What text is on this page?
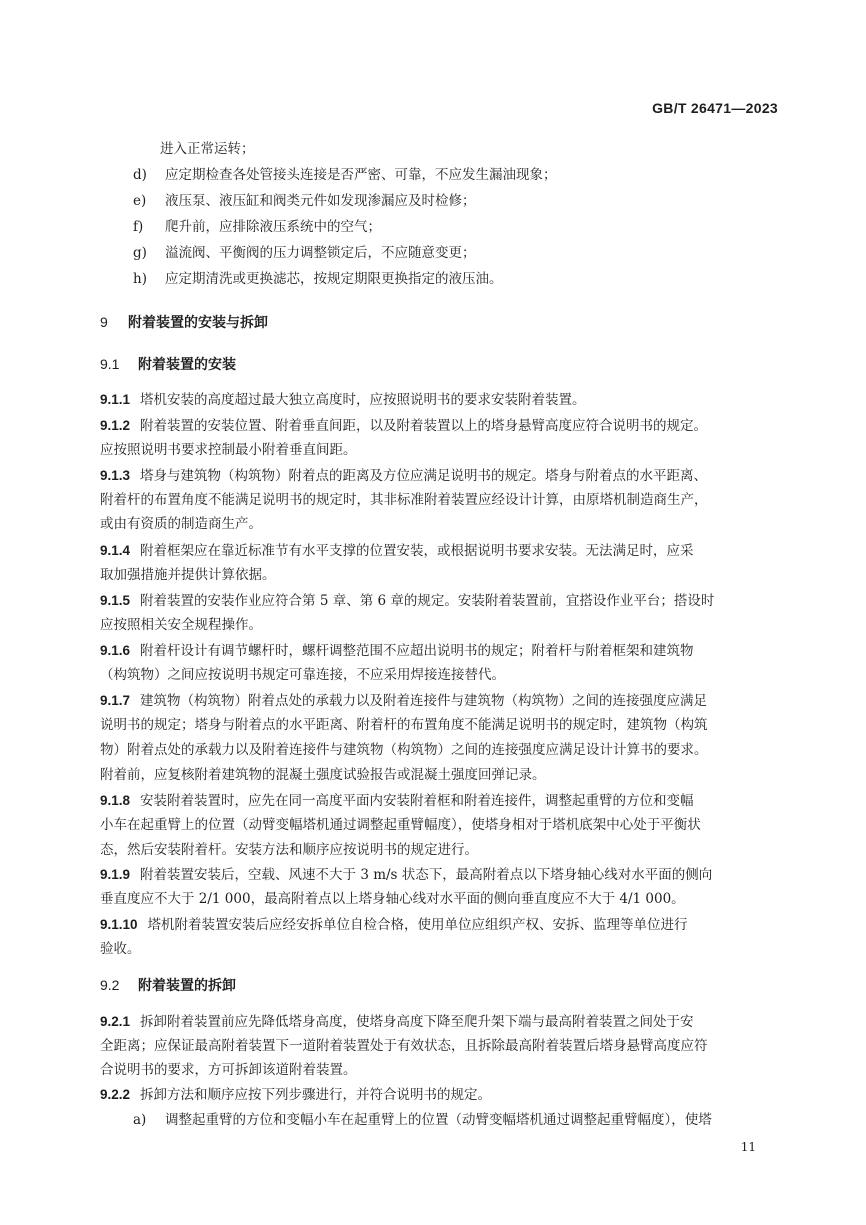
GB/T 26471—2023
进入正常运转；
d) 应定期检查各处管接头连接是否严密、可靠，不应发生漏油现象；
e) 液压泵、液压缸和阀类元件如发现渗漏应及时检修；
f) 爬升前，应排除液压系统中的空气；
g) 溢流阀、平衡阀的压力调整锁定后，不应随意变更；
h) 应定期清洗或更换滤芯，按规定期限更换指定的液压油。
9 附着装置的安装与拆卸
9.1 附着装置的安装
9.1.1 塔机安装的高度超过最大独立高度时，应按照说明书的要求安装附着装置。
9.1.2 附着装置的安装位置、附着垂直间距，以及附着装置以上的塔身悬臂高度应符合说明书的规定。
应按照说明书要求控制最小附着垂直间距。
9.1.3 塔身与建筑物（构筑物）附着点的距离及方位应满足说明书的规定。塔身与附着点的水平距离、
附着杆的布置角度不能满足说明书的规定时，其非标准附着装置应经设计计算，由原塔机制造商生产，
或由有资质的制造商生产。
9.1.4 附着框架应在靠近标准节有水平支撑的位置安装，或根据说明书要求安装。无法满足时，应采
取加强措施并提供计算依据。
9.1.5 附着装置的安装作业应符合第 5 章、第 6 章的规定。安装附着装置前，宜搭设作业平台；搭设时
应按照相关安全规程操作。
9.1.6 附着杆设计有调节螺杆时，螺杆调整范围不应超出说明书的规定；附着杆与附着框架和建筑物
（构筑物）之间应按说明书规定可靠连接，不应采用焊接连接替代。
9.1.7 建筑物（构筑物）附着点处的承载力以及附着连接件与建筑物（构筑物）之间的连接强度应满足
说明书的规定；塔身与附着点的水平距离、附着杆的布置角度不能满足说明书的规定时，建筑物（构筑
物）附着点处的承载力以及附着连接件与建筑物（构筑物）之间的连接强度应满足设计计算书的要求。
附着前，应复核附着建筑物的混凝土强度试验报告或混凝土强度回弹记录。
9.1.8 安装附着装置时，应先在同一高度平面内安装附着框和附着连接件，调整起重臂的方位和变幅
小车在起重臂上的位置（动臂变幅塔机通过调整起重臂幅度），使塔身相对于塔机底架中心处于平衡状
态，然后安装附着杆。安装方法和顺序应按说明书的规定进行。
9.1.9 附着装置安装后，空载、风速不大于 3 m/s 状态下，最高附着点以下塔身轴心线对水平面的侧向
垂直度应不大于 2/1 000，最高附着点以上塔身轴心线对水平面的侧向垂直度应不大于 4/1 000。
9.1.10 塔机附着装置安装后应经安拆单位自检合格，使用单位应组织产权、安拆、监理等单位进行
验收。
9.2 附着装置的拆卸
9.2.1 拆卸附着装置前应先降低塔身高度，使塔身高度下降至爬升架下端与最高附着装置之间处于安
全距离；应保证最高附着装置下一道附着装置处于有效状态，且拆除最高附着装置后塔身悬臂高度应符
合说明书的要求，方可拆卸该道附着装置。
9.2.2 拆卸方法和顺序应按下列步骤进行，并符合说明书的规定。
a) 调整起重臂的方位和变幅小车在起重臂上的位置（动臂变幅塔机通过调整起重臂幅度），使塔
11
